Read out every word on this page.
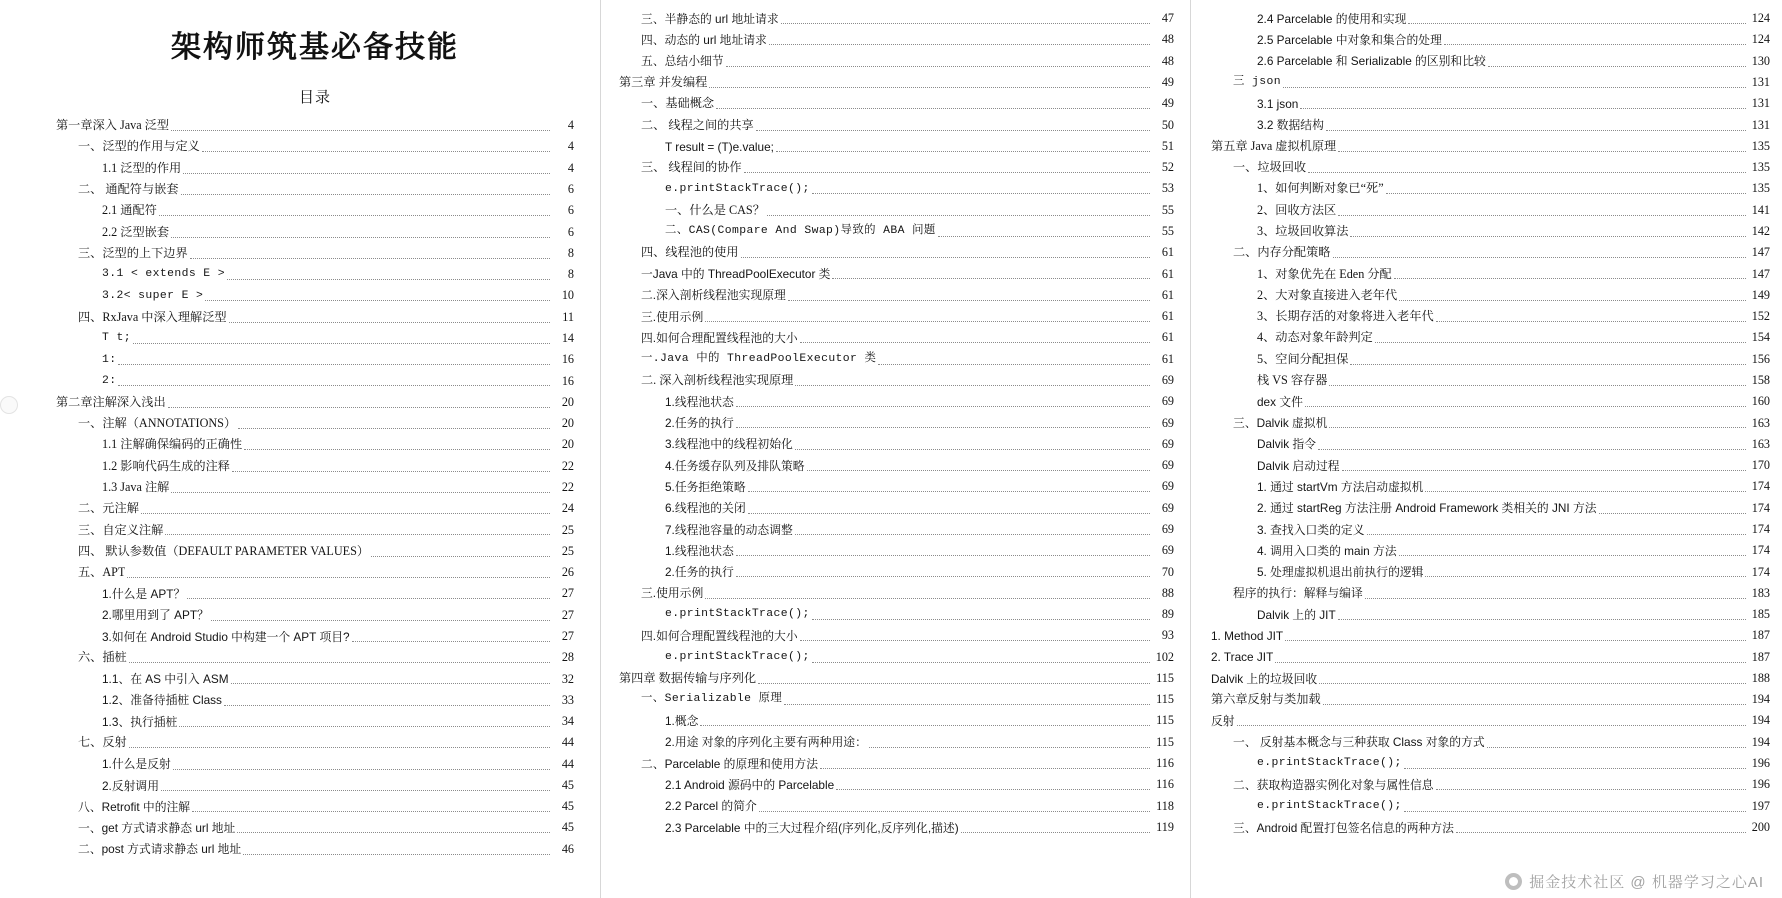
架构师筑基必备技能
目录
第一章深入 Java 泛型	4
一、泛型的作用与定义	4
1.1 泛型的作用	4
二、 通配符与嵌套	6
2.1 通配符	6
2.2 泛型嵌套	6
三、泛型的上下边界	8
3.1 < extends E >	8
3.2< super E >	10
四、RxJava 中深入理解泛型	11
T t;	14
1:	16
2:	16
第二章注解深入浅出	20
一、注解（ANNOTATIONS）	20
1.1 注解确保编码的正确性	20
1.2 影响代码生成的注释	22
1.3 Java 注解	22
二、元注解	24
三、自定义注解	25
四、 默认参数值（DEFAULT PARAMETER VALUES）	25
五、APT	26
1.什么是 APT？	27
2.哪里用到了 APT？	27
3.如何在 Android Studio 中构建一个 APT 项目?	27
六、插桩	28
1.1、在 AS 中引入 ASM	32
1.2、准备待插桩 Class	33
1.3、执行插桩	34
七、反射	44
1.什么是反射	44
2.反射调用	45
八、Retrofit 中的注解	45
一、get 方式请求静态 url 地址	45
二、post 方式请求静态 url 地址	46
三、半静态的 url 地址请求	47
四、动态的 url 地址请求	48
五、总结小细节	48
第三章 并发编程	49
一、基础概念	49
二、 线程之间的共享	50
T result = (T)e.value;	51
三、 线程间的协作	52
e.printStackTrace();	53
一、什么是 CAS？	55
二、CAS(Compare And Swap)导致的 ABA 问题	55
四、线程池的使用	61
一Java 中的 ThreadPoolExecutor 类	61
二.深入剖析线程池实现原理	61
三.使用示例	61
四.如何合理配置线程池的大小	61
一.Java 中的 ThreadPoolExecutor 类	61
二. 深入剖析线程池实现原理	69
1.线程池状态	69
2.任务的执行	69
3.线程池中的线程初始化	69
4.任务缓存队列及排队策略	69
5.任务拒绝策略	69
6.线程池的关闭	69
7.线程池容量的动态调整	69
1.线程池状态	69
2.任务的执行	70
三.使用示例	88
e.printStackTrace();	89
四.如何合理配置线程池的大小	93
e.printStackTrace();	102
第四章 数据传输与序列化	115
一、Serializable 原理	115
1.概念	115
2.用途 对象的序列化主要有两种用途：	115
二、Parcelable 的原理和使用方法	116
2.1 Android 源码中的 Parcelable	116
2.2 Parcel 的简介	118
2.3 Parcelable 中的三大过程介绍(序列化,反序列化,描述)	119
2.4 Parcelable 的使用和实现	124
2.5 Parcelable 中对象和集合的处理	124
2.6 Parcelable 和 Serializable 的区别和比较	130
三 json	131
3.1 json	131
3.2 数据结构	131
第五章 Java 虚拟机原理	135
一、垃圾回收	135
1、如何判断对象已“死”	135
2、回收方法区	141
3、垃圾回收算法	142
二、内存分配策略	147
1、对象优先在 Eden 分配	147
2、大对象直接进入老年代	149
3、长期存活的对象将进入老年代	152
4、动态对象年龄判定	154
5、空间分配担保	156
栈 VS 容存器	158
dex 文件	160
三、Dalvik 虚拟机	163
Dalvik 指令	163
Dalvik 启动过程	170
1. 通过 startVm 方法启动虚拟机	174
2. 通过 startReg 方法注册 Android Framework 类相关的 JNI 方法	174
3. 查找入口类的定义	174
4. 调用入口类的 main 方法	174
5. 处理虚拟机退出前执行的逻辑	174
程序的执行：解释与编译	183
Dalvik 上的 JIT	185
1. Method JIT	187
2. Trace JIT	187
Dalvik 上的垃圾回收	188
第六章反射与类加载	194
反射	194
一、 反射基本概念与三种获取 Class 对象的方式	194
e.printStackTrace();	196
二、获取构造器实例化对象与属性信息	196
e.printStackTrace();	197
三、Android 配置打包签名信息的两种方法	200
掘金技术社区 @ 机器学习之心AI
